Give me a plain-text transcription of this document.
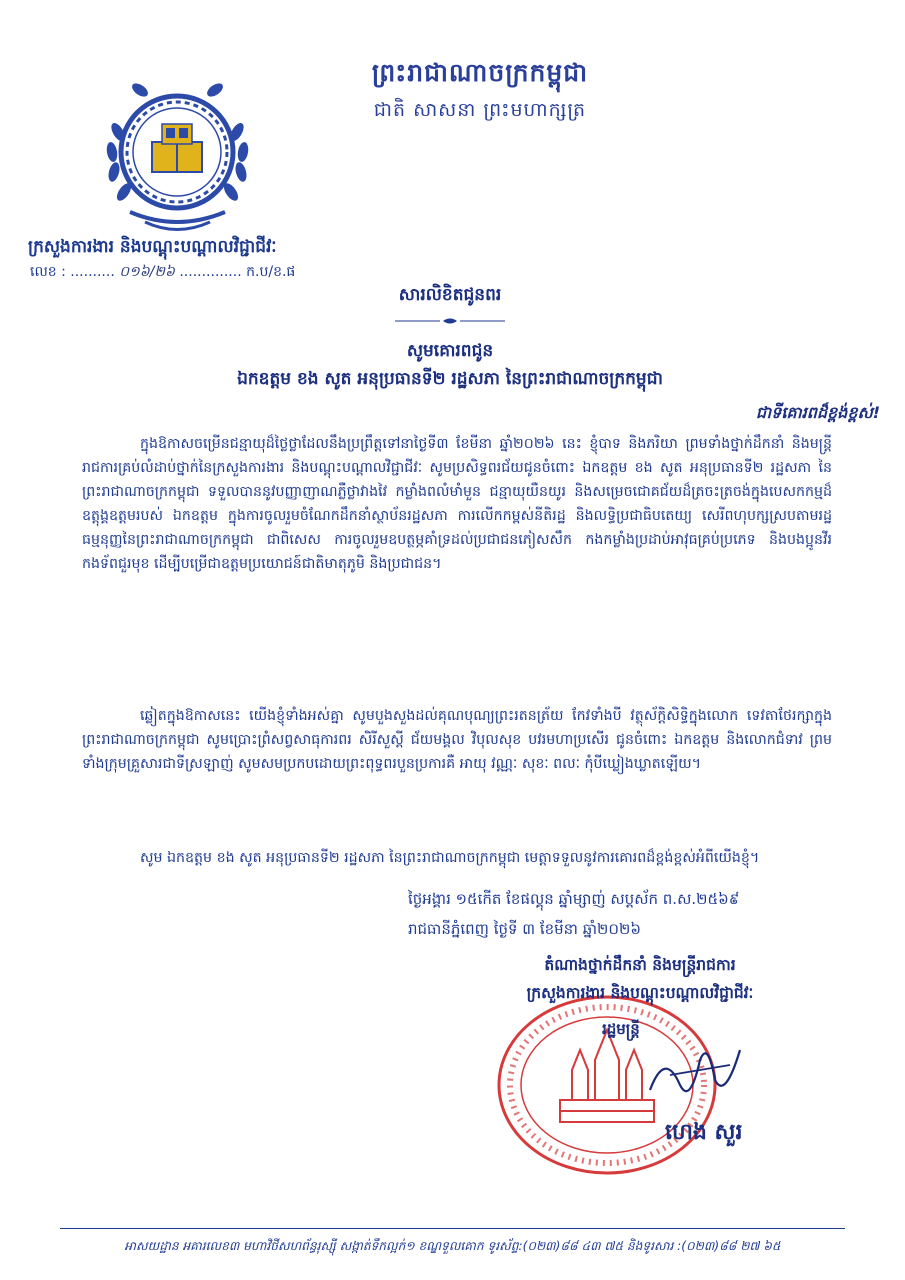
ព្រះរាជាណាចក្រកម្ពុជា
ជាតិ សាសនា ព្រះមហាក្សត្រ
ក្រសួងការងារ និងបណ្តុះបណ្តាលវិជ្ជាជីវៈ
លេខ : .......... ០១៦/២៦ .............. ក.ប/ខ.ផ
សារលិខិតជូនពរ
សូមគោរពជូន
ឯកឧត្តម ខង សូត អនុប្រធានទី២ រដ្ឋសភា នៃព្រះរាជាណាចក្រកម្ពុជា
ជាទីគោរពដ៏ខ្ពង់ខ្ពស់!
ក្នុងឱកាសចម្រើនជន្មាយុដ៏ថ្លៃថ្លាដែលនឹងប្រព្រឹត្តទៅនាថ្ងៃទី៣ ខែមីនា ឆ្នាំ២០២៦ នេះ ខ្ញុំបាទ និងភរិយា ព្រមទាំងថ្នាក់ដឹកនាំ និងមន្ត្រីរាជការគ្រប់លំដាប់ថ្នាក់នៃក្រសួងការងារ និងបណ្តុះបណ្តាលវិជ្ជាជីវៈ សូមប្រសិទ្ធពរជ័យជូនចំពោះ ឯកឧត្តម ខង សូត អនុប្រធានទី២ រដ្ឋសភា នៃព្រះរាជាណាចក្រកម្ពុជា ទទួលបាននូវបញ្ញាញាណភ្លឺថ្លាវាងវៃ កម្លាំងពលំមាំមួន ជន្មាយុយឺនយូរ និងសម្រេចជោគជ័យដ៏ត្រចះត្រចង់ក្នុងបេសកកម្មដ៏ឧត្តុង្គឧត្តមរបស់ ឯកឧត្តម ក្នុងការចូលរួមចំណែកដឹកនាំស្ថាប័នរដ្ឋសភា ការលើកកម្ពស់នីតិរដ្ឋ និងលទ្ធិប្រជាធិបតេយ្យ សេរីពហុបក្សស្របតាមរដ្ឋធម្មនុញ្ញនៃព្រះរាជាណាចក្រកម្ពុជា ជាពិសេស ការចូលរួមឧបត្ថម្ភគាំទ្រដល់ប្រជាជនភៀសសឹក កងកម្លាំងប្រដាប់អាវុធគ្រប់ប្រភេទ និងបងប្អូនវីរកងទ័ពជួរមុខ ដើម្បីបម្រើជាឧត្តមប្រយោជន៍ជាតិមាតុភូមិ និងប្រជាជន។
ឆ្លៀតក្នុងឱកាសនេះ យើងខ្ញុំទាំងអស់គ្នា សូមបួងសួងដល់គុណបុណ្យព្រះរតនត្រ័យ កែវទាំងបី វត្ថុស័ក្តិសិទ្ធិក្នុងលោក ទេវតាថែរក្សាក្នុងព្រះរាជាណាចក្រកម្ពុជា សូមប្រោះព្រំសព្វសាធុការពរ សិរីសួស្តី ជ័យមង្គល វិបុលសុខ បវរមហាប្រសើរ ជូនចំពោះ ឯកឧត្តម និងលោកជំទាវ ព្រមទាំងក្រុមគ្រួសារជាទីស្រឡាញ់ សូមសមប្រកបដោយព្រះពុទ្ធពរបួនប្រការគឺ អាយុ វណ្ណៈ សុខៈ ពលៈ កុំបីឃ្លៀងឃ្លាតឡើយ។
សូម ឯកឧត្តម ខង សូត អនុប្រធានទី២ រដ្ឋសភា នៃព្រះរាជាណាចក្រកម្ពុជា មេត្តាទទួលនូវការគោរពដ៏ខ្ពង់ខ្ពស់អំពីយើងខ្ញុំ។
ថ្ងៃអង្គារ ១៥កើត ខែផល្គុន ឆ្នាំម្សាញ់ សប្តស័ក ព.ស.២៥៦៩
រាជធានីភ្នំពេញ ថ្ងៃទី ៣ ខែមីនា ឆ្នាំ២០២៦
តំណាងថ្នាក់ដឹកនាំ និងមន្ត្រីរាជការ
ក្រសួងការងារ និងបណ្តុះបណ្តាលវិជ្ជាជីវៈ
រដ្ឋមន្ត្រី
ហេង សួរ
អាសយដ្ឋាន អគារលេខ៣ មហាវិថីសហព័ន្ធរុស្ស៊ី សង្កាត់ទឹកល្អក់១ ខណ្ឌទួលគោក ទូរស័ព្ទ:(០២៣)៨៨ ៤៣ ៧៥ និងទូរសារ :(០២៣)៨៨ ២៧ ៦៥
